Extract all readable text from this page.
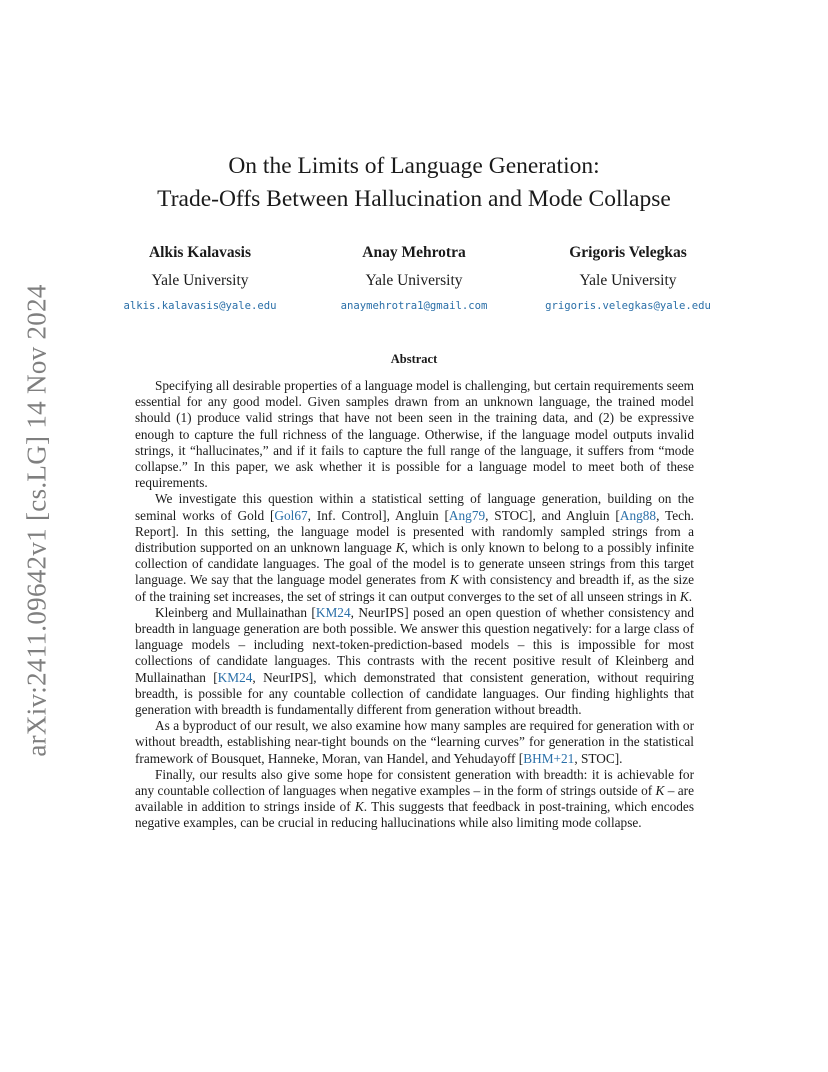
arXiv:2411.09642v1 [cs.LG] 14 Nov 2024
On the Limits of Language Generation:
Trade-Offs Between Hallucination and Mode Collapse
Alkis Kalavasis
Yale University
alkis.kalavasis@yale.edu
Anay Mehrotra
Yale University
anaymehrotra1@gmail.com
Grigoris Velegkas
Yale University
grigoris.velegkas@yale.edu
Abstract

Specifying all desirable properties of a language model is challenging, but certain requirements seem essential for any good model. Given samples drawn from an unknown language, the trained model should (1) produce valid strings that have not been seen in the training data, and (2) be expressive enough to capture the full richness of the language. Otherwise, if the language model outputs invalid strings, it “hallucinates,” and if it fails to capture the full range of the language, it suffers from “mode collapse.” In this paper, we ask whether it is possible for a language model to meet both of these requirements.

We investigate this question within a statistical setting of language generation, building on the seminal works of Gold [Gol67, Inf. Control], Angluin [Ang79, STOC], and Angluin [Ang88, Tech. Report]. In this setting, the language model is presented with randomly sampled strings from a distribution supported on an unknown language K, which is only known to belong to a possibly infinite collection of candidate languages. The goal of the model is to generate unseen strings from this target language. We say that the language model generates from K with consistency and breadth if, as the size of the training set increases, the set of strings it can output converges to the set of all unseen strings in K.

Kleinberg and Mullainathan [KM24, NeurIPS] posed an open question of whether consistency and breadth in language generation are both possible. We answer this question negatively: for a large class of language models – including next-token-prediction-based models – this is impossible for most collections of candidate languages. This contrasts with the recent positive result of Kleinberg and Mullainathan [KM24, NeurIPS], which demonstrated that consistent generation, without requiring breadth, is possible for any countable collection of candidate languages. Our finding highlights that generation with breadth is fundamentally different from generation without breadth.

As a byproduct of our result, we also examine how many samples are required for generation with or without breadth, establishing near-tight bounds on the “learning curves” for generation in the statistical framework of Bousquet, Hanneke, Moran, van Handel, and Yehudayoff [BHM+21, STOC].

Finally, our results also give some hope for consistent generation with breadth: it is achievable for any countable collection of languages when negative examples – in the form of strings outside of K – are available in addition to strings inside of K. This suggests that feedback in post-training, which encodes negative examples, can be crucial in reducing hallucinations while also limiting mode collapse.
